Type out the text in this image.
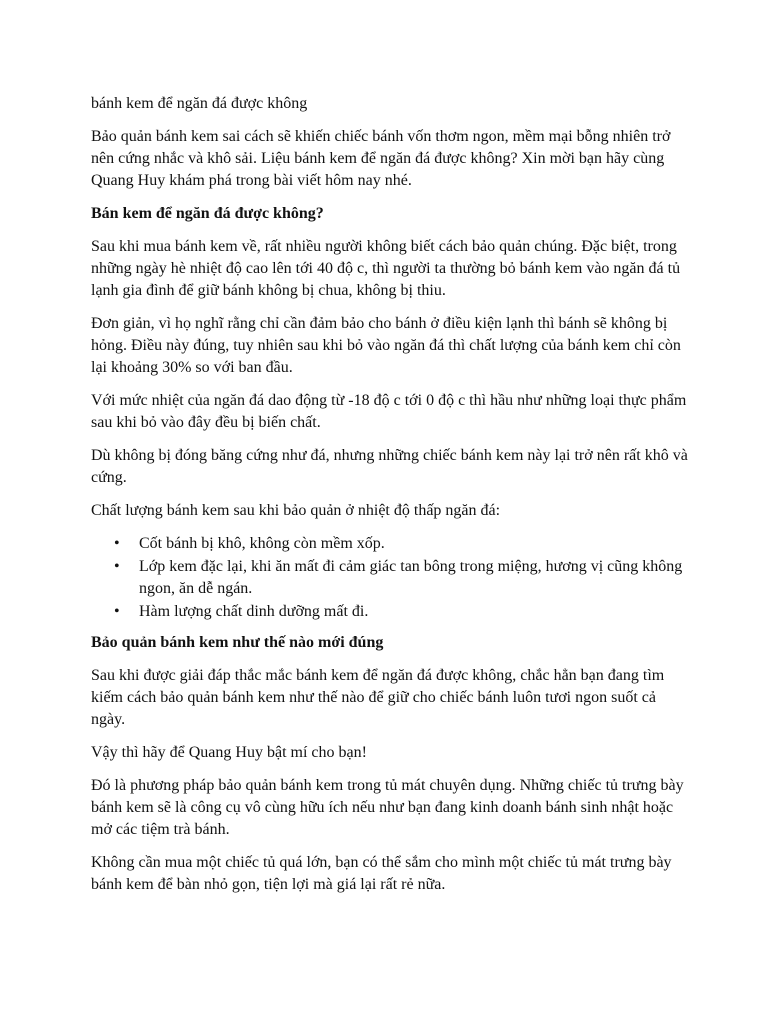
bánh kem để ngăn đá được không

Bảo quản bánh kem sai cách sẽ khiến chiếc bánh vốn thơm ngon, mềm mại bỗng nhiên trở nên cứng nhắc và khô sải. Liệu bánh kem để ngăn đá được không? Xin mời bạn hãy cùng Quang Huy khám phá trong bài viết hôm nay nhé.

Bán kem để ngăn đá được không?

Sau khi mua bánh kem về, rất nhiều người không biết cách bảo quản chúng. Đặc biệt, trong những ngày hè nhiệt độ cao lên tới 40 độ c, thì người ta thường bỏ bánh kem vào ngăn đá tủ lạnh gia đình để giữ bánh không bị chua, không bị thiu.

Đơn giản, vì họ nghĩ rằng chỉ cần đảm bảo cho bánh ở điều kiện lạnh thì bánh sẽ không bị hỏng. Điều này đúng, tuy nhiên sau khi bỏ vào ngăn đá thì chất lượng của bánh kem chỉ còn lại khoảng 30% so với ban đầu.

Với mức nhiệt của ngăn đá dao động từ -18 độ c tới 0 độ c thì hầu như những loại thực phẩm sau khi bỏ vào đây đều bị biến chất.

Dù không bị đóng băng cứng như đá, nhưng những chiếc bánh kem này lại trở nên rất khô và cứng.

Chất lượng bánh kem sau khi bảo quản ở nhiệt độ thấp ngăn đá:

•	Cốt bánh bị khô, không còn mềm xốp.
•	Lớp kem đặc lại, khi ăn mất đi cảm giác tan bông trong miệng, hương vị cũng không ngon, ăn dễ ngán.
•	Hàm lượng chất dinh dưỡng mất đi.

Bảo quản bánh kem như thế nào mới đúng

Sau khi được giải đáp thắc mắc bánh kem để ngăn đá được không, chắc hẳn bạn đang tìm kiếm cách bảo quản bánh kem như thế nào để giữ cho chiếc bánh luôn tươi ngon suốt cả ngày.

Vậy thì hãy để Quang Huy bật mí cho bạn!

Đó là phương pháp bảo quản bánh kem trong tủ mát chuyên dụng. Những chiếc tủ trưng bày bánh kem sẽ là công cụ vô cùng hữu ích nếu như bạn đang kinh doanh bánh sinh nhật hoặc mở các tiệm trà bánh.

Không cần mua một chiếc tủ quá lớn, bạn có thể sắm cho mình một chiếc tủ mát trưng bày bánh kem để bàn nhỏ gọn, tiện lợi mà giá lại rất rẻ nữa.
